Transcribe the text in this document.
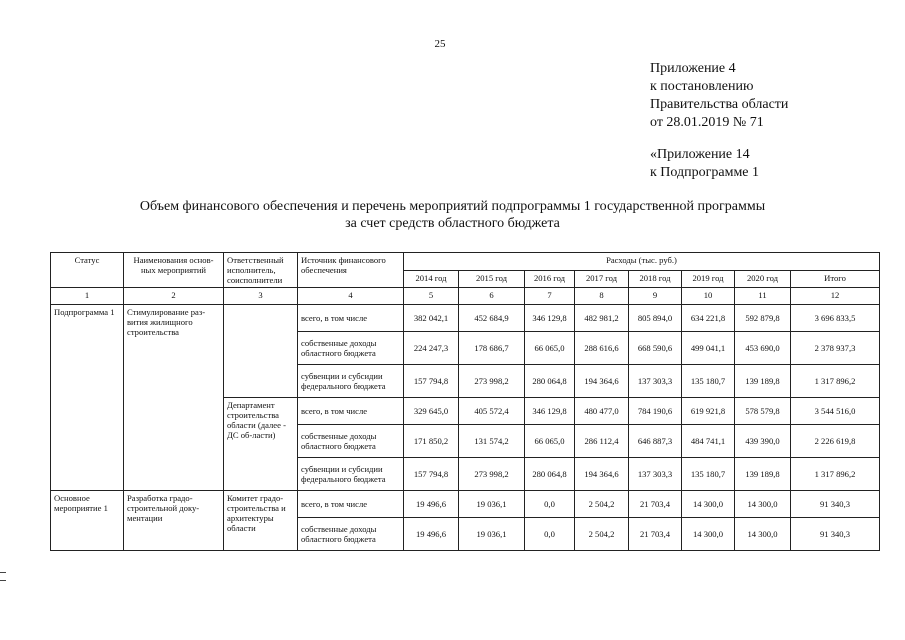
25
Приложение 4
к постановлению
Правительства области
от 28.01.2019 № 71
«Приложение 14
к Подпрограмме 1
Объем финансового обеспечения и перечень мероприятий подпрограммы 1 государственной программы
за счет средств областного бюджета
Статус	Наименования основ-ных мероприятий	Ответственный исполнитель, соисполнители	Источник финансового обеспечения	Расходы (тыс. руб.)							
				2014 год	2015 год	2016 год	2017 год	2018 год	2019 год	2020 год	Итого
1	2	3	4	5	6	7	8	9	10	11	12
Подпрограмма 1	Стимулирование раз-вития жилищного строительства		всего, в том числе	382 042,1	452 684,9	346 129,8	482 981,2	805 894,0	634 221,8	592 879,8	3 696 833,5
			собственные доходы областного бюджета	224 247,3	178 686,7	66 065,0	288 616,6	668 590,6	499 041,1	453 690,0	2 378 937,3
			субвенции и субсидии федерального бюджета	157 794,8	273 998,2	280 064,8	194 364,6	137 303,3	135 180,7	139 189,8	1 317 896,2
		Департамент строительства области (далее - ДС об-ласти)	всего, в том числе	329 645,0	405 572,4	346 129,8	480 477,0	784 190,6	619 921,8	578 579,8	3 544 516,0
			собственные доходы областного бюджета	171 850,2	131 574,2	66 065,0	286 112,4	646 887,3	484 741,1	439 390,0	2 226 619,8
			субвенции и субсидии федерального бюджета	157 794,8	273 998,2	280 064,8	194 364,6	137 303,3	135 180,7	139 189,8	1 317 896,2
Основное мероприятие 1	Разработка градо-строительной доку-ментации	Комитет градо-строительства и архитектуры области	всего, в том числе	19 496,6	19 036,1	0,0	2 504,2	21 703,4	14 300,0	14 300,0	91 340,3
			собственные доходы областного бюджета	19 496,6	19 036,1	0,0	2 504,2	21 703,4	14 300,0	14 300,0	91 340,3
